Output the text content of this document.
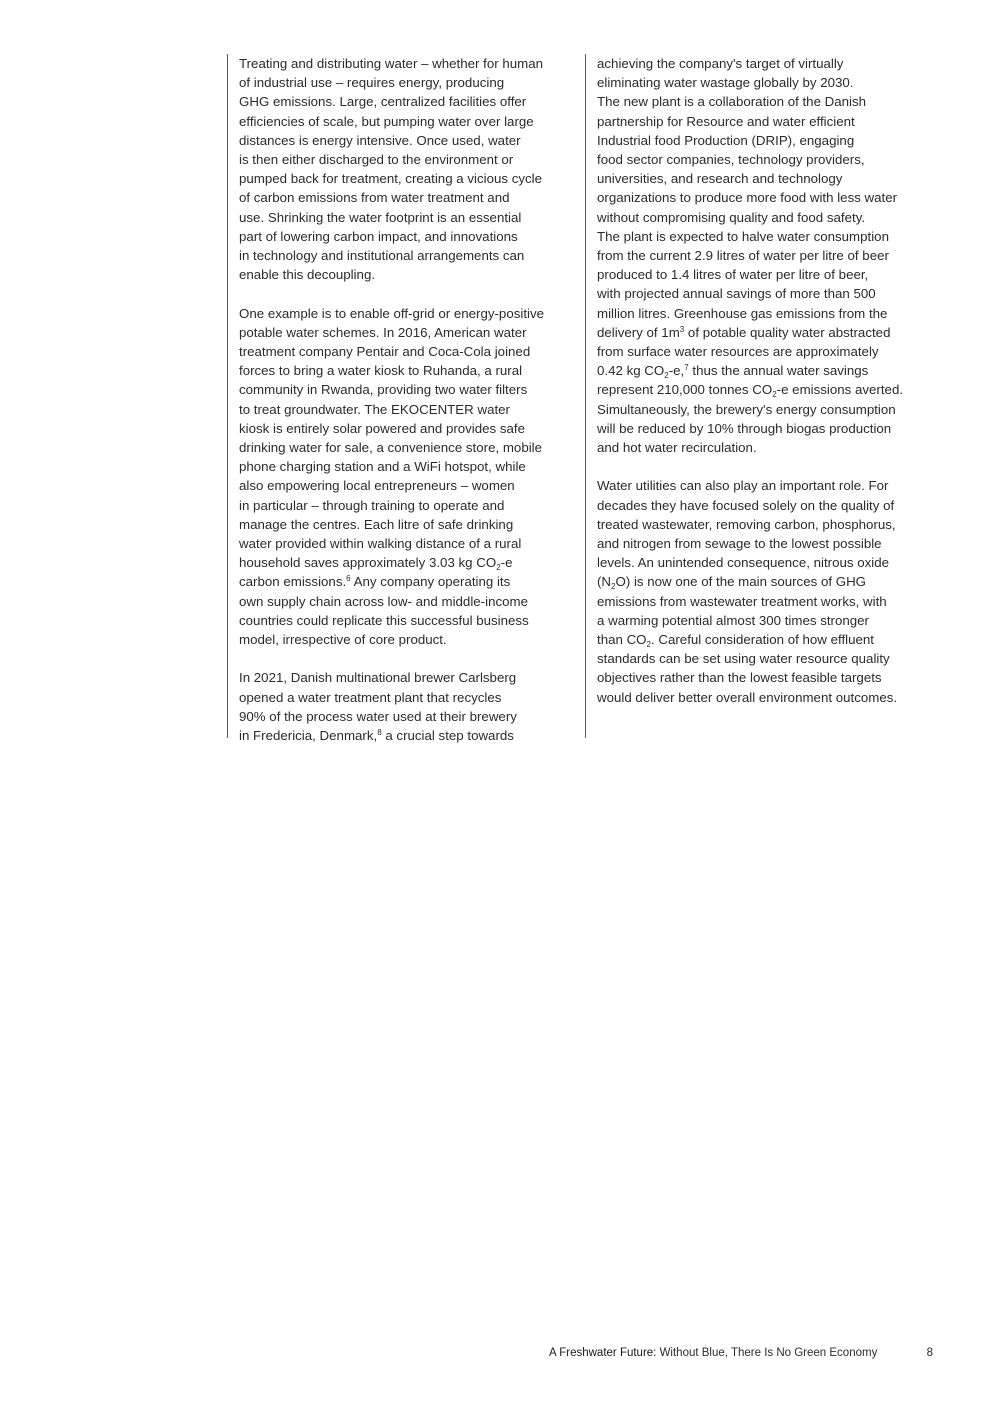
Treating and distributing water – whether for human
of industrial use – requires energy, producing
GHG emissions. Large, centralized facilities offer
efficiencies of scale, but pumping water over large
distances is energy intensive. Once used, water
is then either discharged to the environment or
pumped back for treatment, creating a vicious cycle
of carbon emissions from water treatment and
use. Shrinking the water footprint is an essential
part of lowering carbon impact, and innovations
in technology and institutional arrangements can
enable this decoupling.
One example is to enable off-grid or energy-positive
potable water schemes. In 2016, American water
treatment company Pentair and Coca-Cola joined
forces to bring a water kiosk to Ruhanda, a rural
community in Rwanda, providing two water filters
to treat groundwater. The EKOCENTER water
kiosk is entirely solar powered and provides safe
drinking water for sale, a convenience store, mobile
phone charging station and a WiFi hotspot, while
also empowering local entrepreneurs – women
in particular – through training to operate and
manage the centres. Each litre of safe drinking
water provided within walking distance of a rural
household saves approximately 3.03 kg $CO_2-e$
carbon emissions.$^6$ Any company operating its
own supply chain across low- and middle-income
countries could replicate this successful business
model, irrespective of core product.
In 2021, Danish multinational brewer Carlsberg
opened a water treatment plant that recycles
90% of the process water used at their brewery
in Fredericia, Denmark,$^8$ a crucial step towards
achieving the company's target of virtually
eliminating water wastage globally by 2030.
The new plant is a collaboration of the Danish
partnership for Resource and water efficient
Industrial food Production (DRIP), engaging
food sector companies, technology providers,
universities, and research and technology
organizations to produce more food with less water
without compromising quality and food safety.
The plant is expected to halve water consumption
from the current 2.9 litres of water per litre of beer
produced to 1.4 litres of water per litre of beer,
with projected annual savings of more than 500
million litres. Greenhouse gas emissions from the
delivery of $1m^3$ of potable quality water abstracted
from surface water resources are approximately
0.42 kg $CO_2-e,^7$ thus the annual water savings
represent 210,000 tonnes $CO_2-e$ emissions averted.
Simultaneously, the brewery's energy consumption
will be reduced by 10% through biogas production
and hot water recirculation.
Water utilities can also play an important role. For
decades they have focused solely on the quality of
treated wastewater, removing carbon, phosphorus,
and nitrogen from sewage to the lowest possible
levels. An unintended consequence, nitrous oxide
$(N_2O)$ is now one of the main sources of GHG
emissions from wastewater treatment works, with
a warming potential almost 300 times stronger
than $CO_2$. Careful consideration of how effluent
standards can be set using water resource quality
objectives rather than the lowest feasible targets
would deliver better overall environment outcomes.
A Freshwater Future: Without Blue, There Is No Green Economy	8
